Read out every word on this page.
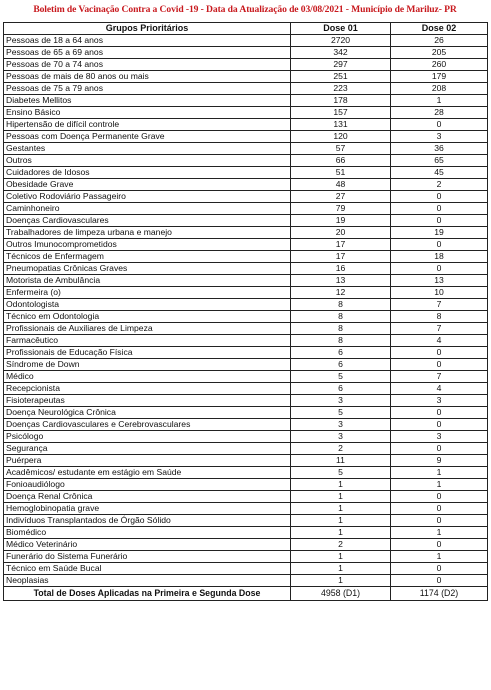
Boletim de Vacinação Contra a Covid -19 - Data da Atualização de 03/08/2021 - Município de Mariluz- PR
Grupos Prioritários	Dose 01	Dose 02
Pessoas de 18 a 64 anos	2720	26
Pessoas de 65 a 69 anos	342	205
Pessoas de 70 a 74 anos	297	260
Pessoas de mais de 80 anos ou mais	251	179
Pessoas de 75 a 79 anos	223	208
Diabetes Mellitos	178	1
Ensino Básico	157	28
Hipertensão de difícil controle	131	0
Pessoas com Doença Permanente Grave	120	3
Gestantes	57	36
Outros	66	65
Cuidadores de Idosos	51	45
Obesidade Grave	48	2
Coletivo Rodoviário Passageiro	27	0
Caminhoneiro	79	0
Doenças Cardiovasculares	19	0
Trabalhadores de limpeza urbana e manejo	20	19
Outros Imunocomprometidos	17	0
Técnicos de Enfermagem	17	18
Pneumopatias Crônicas Graves	16	0
Motorista de Ambulância	13	13
Enfermeira (o)	12	10
Odontologista	8	7
Técnico em Odontologia	8	8
Profissionais de Auxiliares de Limpeza	8	7
Farmacêutico	8	4
Profissionais de Educação Física	6	0
Síndrome de Down	6	0
Médico	5	7
Recepcionista	6	4
Fisioterapeutas	3	3
Doença Neurológica Crônica	5	0
Doenças Cardiovasculares e Cerebrovasculares	3	0
Psicólogo	3	3
Segurança	2	0
Puérpera	11	9
Acadêmicos/ estudante em estágio em Saúde	5	1
Fonioaudiólogo	1	1
Doença Renal Crônica	1	0
Hemoglobinopatia grave	1	0
Indivíduos Transplantados de Órgão Sólido	1	0
Biomédico	1	1
Médico Veterinário	2	0
Funerário do Sistema Funerário	1	1
Técnico em Saúde Bucal	1	0
Neoplasias	1	0
Total de Doses Aplicadas na Primeira e Segunda Dose	4958 (D1)	1174 (D2)
